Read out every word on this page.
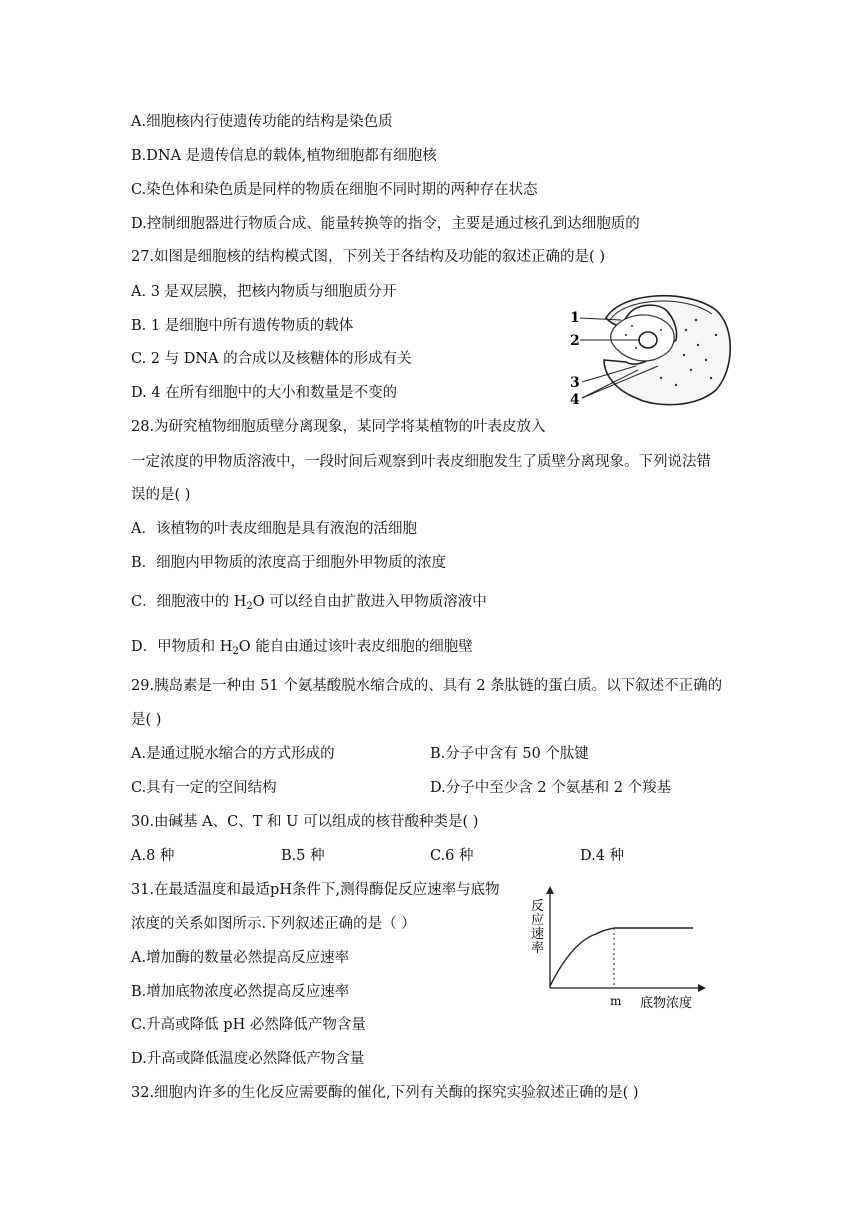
A.细胞核内行使遗传功能的结构是染色质
B.DNA 是遗传信息的载体,植物细胞都有细胞核
C.染色体和染色质是同样的物质在细胞不同时期的两种存在状态
D.控制细胞器进行物质合成、能量转换等的指令，主要是通过核孔到达细胞质的
27.如图是细胞核的结构模式图，下列关于各结构及功能的叙述正确的是( )
A. 3 是双层膜，把核内物质与细胞质分开
B. 1 是细胞中所有遗传物质的载体
C. 2 与 DNA 的合成以及核糖体的形成有关
D. 4 在所有细胞中的大小和数量是不变的
1
2
3
4
28.为研究植物细胞质壁分离现象，某同学将某植物的叶表皮放入
一定浓度的甲物质溶液中，一段时间后观察到叶表皮细胞发生了质壁分离现象。下列说法错
误的是( )
A．该植物的叶表皮细胞是具有液泡的活细胞
B．细胞内甲物质的浓度高于细胞外甲物质的浓度
C．细胞液中的 $H_2O$ 可以经自由扩散进入甲物质溶液中
D．甲物质和 $H_2O$ 能自由通过该叶表皮细胞的细胞壁
29.胰岛素是一种由 51 个氨基酸脱水缩合成的、具有 2 条肽链的蛋白质。以下叙述不正确的
是( )
A.是通过脱水缩合的方式形成的	B.分子中含有 50 个肽键
C.具有一定的空间结构	D.分子中至少含 2 个氨基和 2 个羧基
30.由碱基 A、C、T 和 U 可以组成的核苷酸种类是( )
A.8 种	B.5 种	C.6 种	D.4 种
31.在最适温度和最适pH条件下,测得酶促反应速率与底物
浓度的关系如图所示.下列叙述正确的是（ ）
A.增加酶的数量必然提高反应速率
B.增加底物浓度必然提高反应速率
C.升高或降低 pH 必然降低产物含量
D.升高或降低温度必然降低产物含量
反
应
速
率
m 底物浓度
32.细胞内许多的生化反应需要酶的催化,下列有关酶的探究实验叙述正确的是( )
